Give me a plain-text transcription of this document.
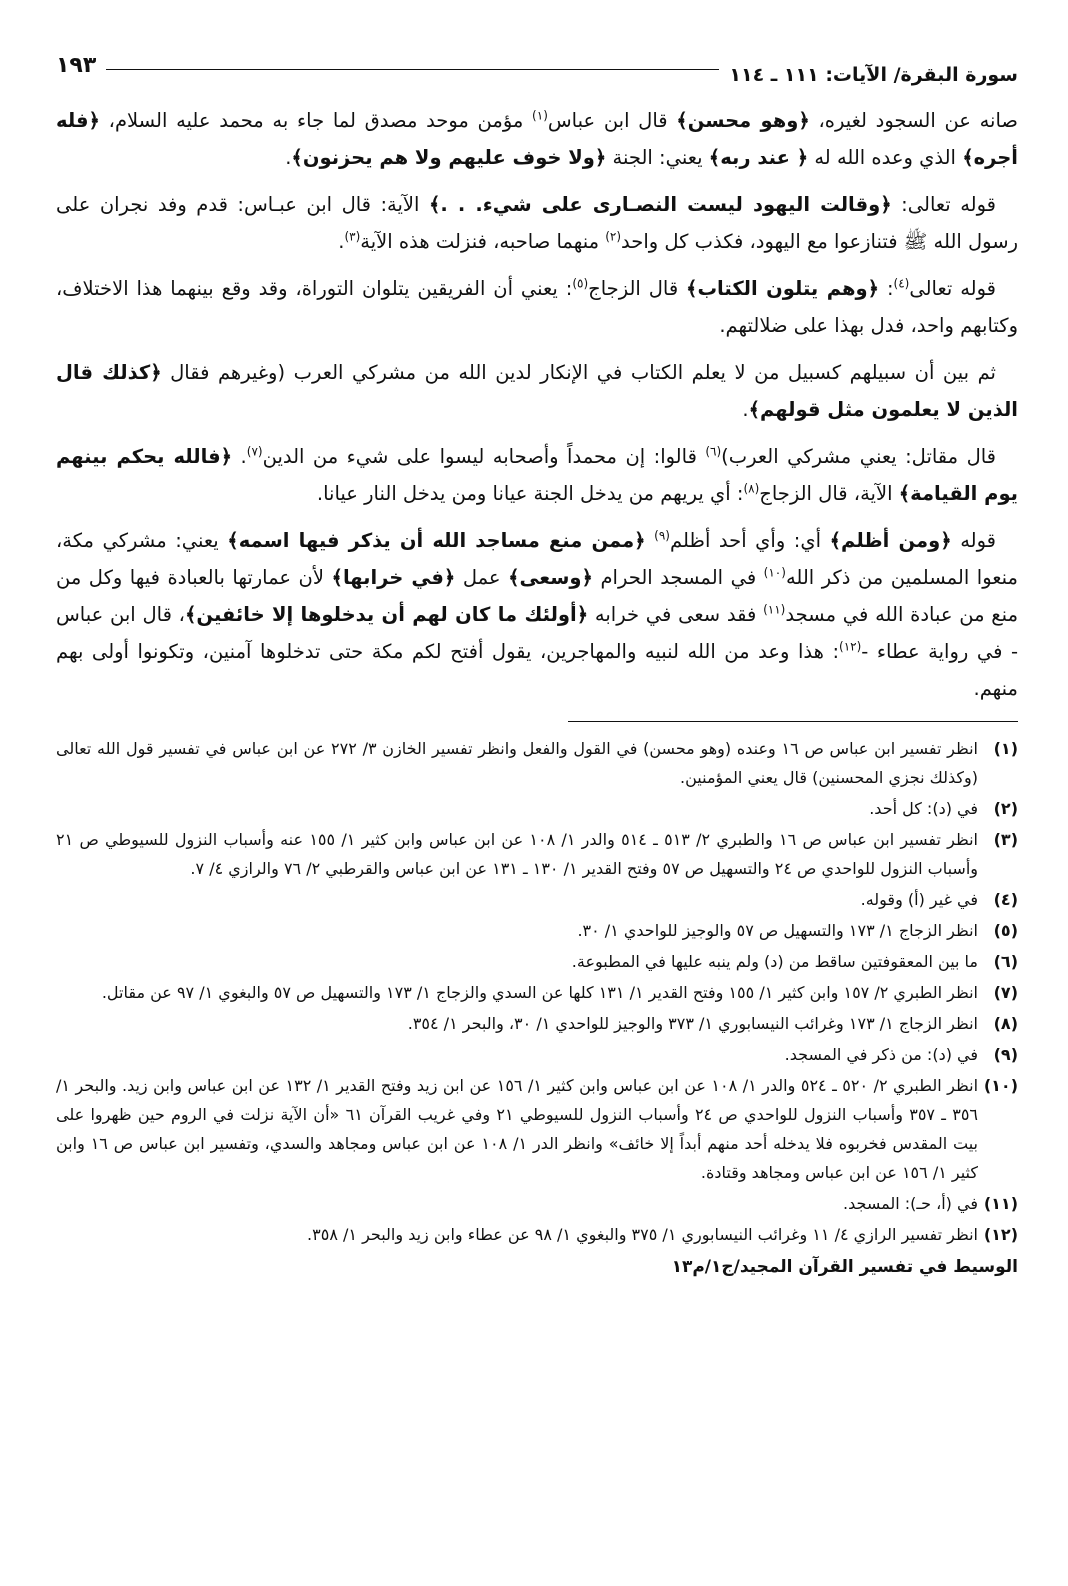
سورة البقرة/ الآيات: ١١١ ـ ١١٤
١٩٣

صانه عن السجود لغيره، ﴿وهو محسن﴾ قال ابن عباس$^{(١)}$ مؤمن موحد مصدق لما جاء به محمد عليه السلام، ﴿فله أجره﴾ الذي وعده الله له ﴿ عند ربه﴾ يعني: الجنة ﴿ولا خوف عليهم ولا هم يحزنون﴾.

قوله تعالى: ﴿وقالت اليهود ليست النصـارى على شيء. . .﴾ الآية: قال ابن عبـاس: قدم وفد نجران على رسول الله ﷺ فتنازعوا مع اليهود، فكذب كل واحد$^{(٢)}$ منهما صاحبه، فنزلت هذه الآية$^{(٣)}$.

قوله تعالى$^{(٤)}$: ﴿وهم يتلون الكتاب﴾ قال الزجاج$^{(٥)}$: يعني أن الفريقين يتلوان التوراة، وقد وقع بينهما هذا الاختلاف، وكتابهم واحد، فدل بهذا على ضلالتهم.

ثم بين أن سبيلهم كسبيل من لا يعلم الكتاب في الإنكار لدين الله من مشركي العرب (وغيرهم فقال ﴿كذلك قال الذين لا يعلمون مثل قولهم﴾.

قال مقاتل: يعني مشركي العرب)$^{(٦)}$ قالوا: إن محمداً وأصحابه ليسوا على شيء من الدين$^{(٧)}$. ﴿فالله يحكم بينهم يوم القيامة﴾ الآية، قال الزجاج$^{(٨)}$: أي يريهم من يدخل الجنة عيانا ومن يدخل النار عيانا.

قوله ﴿ومن أظلم﴾ أي: وأي أحد أظلم$^{(٩)}$ ﴿ممن منع مساجد الله أن يذكر فيها اسمه﴾ يعني: مشركي مكة، منعوا المسلمين من ذكر الله$^{(١٠)}$ في المسجد الحرام ﴿وسعى﴾ عمل ﴿في خرابها﴾ لأن عمارتها بالعبادة فيها وكل من منع من عبادة الله في مسجد$^{(١١)}$ فقد سعى في خرابه ﴿أولئك ما كان لهم أن يدخلوها إلا خائفين﴾، قال ابن عباس - في رواية عطاء -$^{(١٢)}$: هذا وعد من الله لنبيه والمهاجرين، يقول أفتح لكم مكة حتى تدخلوها آمنين، وتكونوا أولى بهم منهم.

(١)
انظر تفسير ابن عباس ص ١٦ وعنده (وهو محسن) في القول والفعل وانظر تفسير الخازن ٣/ ٢٧٢ عن ابن عباس في تفسير قول الله تعالى (وكذلك نجزي المحسنين) قال يعني المؤمنين.
(٢)
في (د): كل أحد.
(٣)
انظر تفسير ابن عباس ص ١٦ والطبري ٢/ ٥١٣ ـ ٥١٤ والدر ١/ ١٠٨ عن ابن عباس وابن كثير ١/ ١٥٥ عنه وأسباب النزول للسيوطي ص ٢١ وأسباب النزول للواحدي ص ٢٤ والتسهيل ص ٥٧ وفتح القدير ١/ ١٣٠ ـ ١٣١ عن ابن عباس والقرطبي ٢/ ٧٦ والرازي ٤/ ٧.
(٤)
في غير (أ) وقوله.
(٥)
انظر الزجاج ١/ ١٧٣ والتسهيل ص ٥٧ والوجيز للواحدي ١/ ٣٠.
(٦)
ما بين المعقوفتين ساقط من (د) ولم ينبه عليها في المطبوعة.
(٧)
انظر الطبري ٢/ ١٥٧ وابن كثير ١/ ١٥٥ وفتح القدير ١/ ١٣١ كلها عن السدي والزجاج ١/ ١٧٣ والتسهيل ص ٥٧ والبغوي ١/ ٩٧ عن مقاتل.
(٨)
انظر الزجاج ١/ ١٧٣ وغرائب النيسابوري ١/ ٣٧٣ والوجيز للواحدي ١/ ٣٠، والبحر ١/ ٣٥٤.
(٩)
في (د): من ذكر في المسجد.
(١٠)
انظر الطبري ٢/ ٥٢٠ ـ ٥٢٤ والدر ١/ ١٠٨ عن ابن عباس وابن كثير ١/ ١٥٦ عن ابن زيد وفتح القدير ١/ ١٣٢ عن ابن عباس وابن زيد. والبحر ١/ ٣٥٦ ـ ٣٥٧ وأسباب النزول للواحدي ص ٢٤ وأسباب النزول للسيوطي ٢١ وفي غريب القرآن ٦١ «أن الآية نزلت في الروم حين ظهروا على بيت المقدس فخربوه فلا يدخله أحد منهم أبداً إلا خائف» وانظر الدر ١/ ١٠٨ عن ابن عباس ومجاهد والسدي، وتفسير ابن عباس ص ١٦ وابن كثير ١/ ١٥٦ عن ابن عباس ومجاهد وقتادة.
(١١)
في (أ، حـ): المسجد.
(١٢)
انظر تفسير الرازي ٤/ ١١ وغرائب النيسابوري ١/ ٣٧٥ والبغوي ١/ ٩٨ عن عطاء وابن زيد والبحر ١/ ٣٥٨.
الوسيط في تفسير القرآن المجيد/ج١/م١٣
